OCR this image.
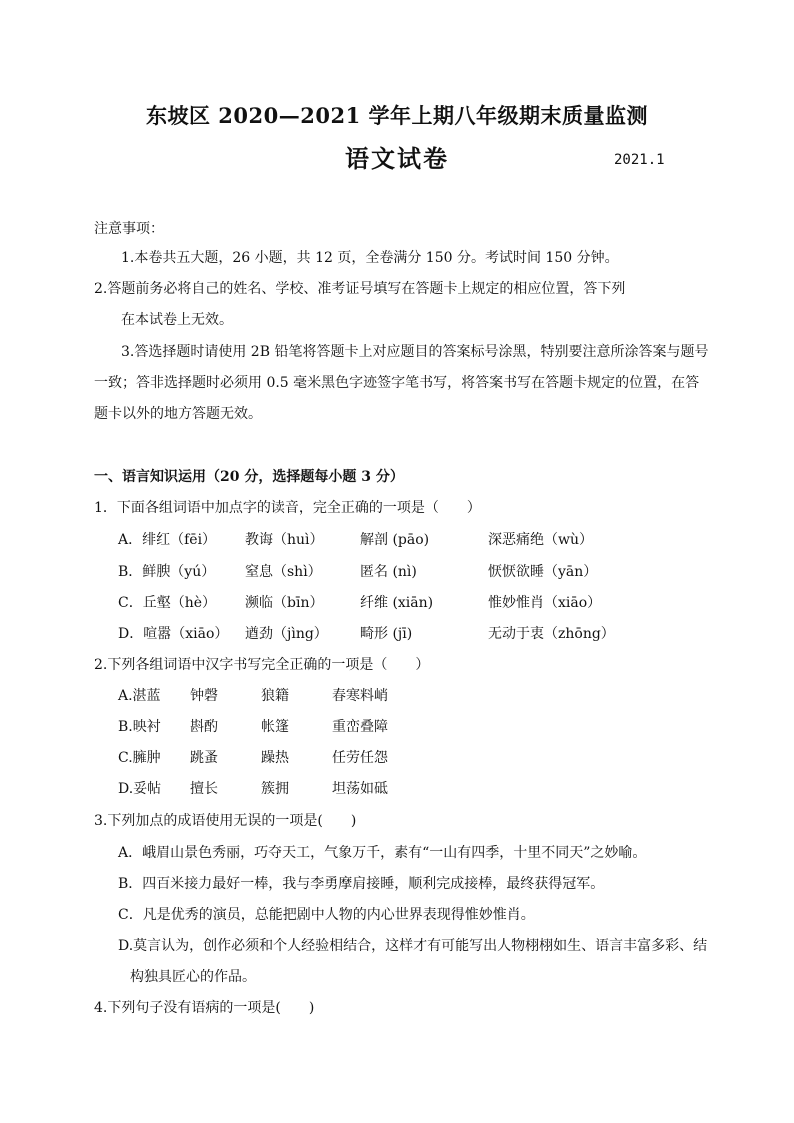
东坡区 2020—2021 学年上期八年级期末质量监测
语文试卷	2021.1
注意事项：
1.本卷共五大题，26 小题，共 12 页，全卷满分 150 分。考试时间 150 分钟。
2.答题前务必将自己的姓名、学校、准考证号填写在答题卡上规定的相应位置，答下列
在本试卷上无效。
3.答选择题时请使用 2B 铅笔将答题卡上对应题目的答案标号涂黑，特别要注意所涂答案与题号
一致；答非选择题时必须用 0.5 毫米黑色字迹签字笔书写，将答案书写在答题卡规定的位置，在答
题卡以外的地方答题无效。
一、语言知识运用（20 分，选择题每小题 3 分）
1．下面各组词语中加点字的读音，完全正确的一项是（　　）
A．绯红（fēi） 教诲（huì）	解剖 (pāo)	深恶痛绝（wù）
B．鲜腴（yú） 窒息（shì）	匿名 (nì)	恹恹欲睡（yān）
C．丘壑（hè） 濒临（bīn）	纤维 (xiān)	惟妙惟肖（xiāo）
D．喧嚣（xiāo） 遒劲（jìng） 畸形 (jī)	无动于衷（zhōng）
2.下列各组词语中汉字书写完全正确的一项是（　　）
A.湛蓝 钟磬	狼籍	春寒料峭
B.映衬 斟酌	帐篷	重峦叠障
C.臃肿 跳蚤	躁热	任劳任怨
D.妥帖 擅长	簇拥	坦荡如砥
3.下列加点的成语使用无误的一项是(　　)
A．峨眉山景色秀丽，巧夺天工，气象万千，素有“一山有四季，十里不同天”之妙喻。
B．四百米接力最好一棒，我与李勇摩肩接睡，顺利完成接棒，最终获得冠军。
C．凡是优秀的演员，总能把剧中人物的内心世界表现得惟妙惟肖。
D.莫言认为，创作必须和个人经验相结合，这样才有可能写出人物栩栩如生、语言丰富多彩、结
构独具匠心的作品。
4.下列句子没有语病的一项是(　　)
